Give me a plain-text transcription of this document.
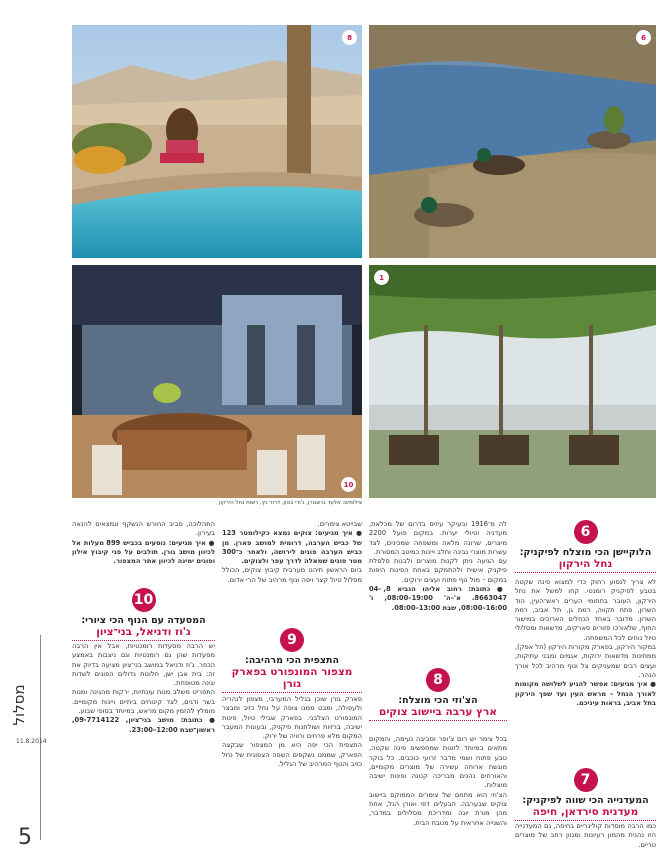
8	6
10
1
צילומים: אלעד גרשגורן, ג'ודי בטון, דרור כץ, רשות נחל הירקון
11.8.2014
מסלול
5
6
הלוקיישן הכי מוצלח לפיקניק:
נחל הירקון

לא צריך לנסוע רחוק כדי למצוא פינה שקטה בטבע לפיקניק רומנטי. קחו למשל את נחל הירקון, העובר בתחומי הערים ראש־העין, הוד השרון, פתח תקווה, רמת גן, תל אביב, רמת השרון. מדובר באחד הנחלים הארוכים במישור החוף, שלאורכו פזורים פארקים, מדשאות ומסלולי טיול נוחים לכל המשפחה.

במקור הירקון, בפארק מקורות הירקון (תל אפק), ממתינות מדשאות ירוקות, אגמים ומבני עתיקות, ועצים רבים שמעניקים צל ונוף מרהיב לכל אורך הנהר.

● איך מגיעים: אפשר להגיע לשלושה מקומות לאורך הנחל – מראש העין ועד שפך הירקון בתל אביב, בראות עיניכם.

7
המעדנייה הכי שווה לפיקניק:
מעדנית סירדאן, חיפה

כמו הרבה מוסדות קולינריים בחיפה, גם המעדנייה הזו נהנית מהמון רעיונות ומגוון רחב של מוצרים טריים.

לה מ־1916 ובעיקר עיזים בדרום של מכלאת, מעדניה וטיולי יערות. במקום פועל 2200 מיצרים, שרונה מלאה ומשפחה שמכינים, לצד עשרות מוצרי גבינה וחלב ויינות כמיטב המסורת.

עם הגיעה ניתן לקנות מוצרים ולבנות סלסלת פיקניק אישית ולהתמקם באחת הפינות היפות במקום – מול נוף פתוח ועצים ירוקים.

● כתובת: רחוב אליהו הנביא 8, 04-8663047. א'–ה' 19:00–08:00, ו' 16:00–08:00, שבת 13:00–08:00.

8
הצ'וזי הכי מוצלח:
ארץ ערבה ביישוב צוקים

בכל צימר יש רום צ'ופר וסביבה נעימה, והמקום מתאים במיוחד לזוגות שמחפשים פינה שקטה, טבע פתוח ושמי מדבר זרועי כוכבים. כל בוקר מוגשת ארוחה עשירה של מוצרים מקומיים, והאורחים נהנים מבריכה קטנה ופינות ישיבה מוצלות.

הצ'וזי הוא מתחם של צימרים הממוקם ביישוב צוקים שבערבה. הבעלים דפי ואורן הגל, אחת מהן מורת יוגה ומדריכת מסלולים במדבר, והשנייה אחראית על מטבח הבית.

שבייטא צימרים.

● איך מגיעים: צוקים נמצא כקילומטר 123 של כביש הערבה, דרומית למושב פארן. מן כביש הערבה פונים לירושה, ולאחר כ־300 מטר פונים שמאלה לדרך עפר ולצוקים.

ביום הראשון תיהנו מערבית קיבוץ צוקים, הכולל מסלול טיול קצר ויפה ונוף מרהיב של הרי אדום.

9
התצפית הכי מרהיבה:
מצפור המונפורט בפארק גורן

פארק גורן שוכן בגליל המערבי, מצפון לנהריה ולעפולה, ומבט ממנו צופה על נחל כזיב ומבצר המונפורט הצלבני. בפארק שבילי טיול, פינות ישיבה, ברזיות ושולחנות פיקניק, ובעונות המעבר המקום מלא פרחים ורוויה של ירוק.

התצפית הכי יפה היא מן המצפור שבקצה הפארק, שממנו נשקפים השפה הצפונית של נחל כזיב והנוף המרהיב של הגליל.

התהלוכה, סביב החורש הנשקף ונמצאים להנאה בעירון.

● איך מגיעים: נוסעים בכביש 899 מעלות אל לכיוון מושב גורן. תולבים על פני קיבוץ אילון ופונים ימינה לכיוון אתר המצפור.

10
המסעדה עם הנוף הכי ציורי:
ג'וז ודניאל, בני־ציון

יש הרבה מסעדות רומנטיות, אבל אין הרבה מסעדות שהן גם רומנטיות וגם ניצבות באמצע הכפר. ג'וז ודניאל במושב בני־ציון מציעה בדיוק את זה: בית אבן ישן, חלונות גדולים הפונים לשדות וגינה מטופחת.

התפריט משלב מנות עונתיות, ירקות מהגינה ומנות בשר ודגים, לצד קינוחים ביתיים ויינות מקומיים. מומלץ להזמין מקום מראש, במיוחד בסופי שבוע.

● כתובת: מושב בני־ציון, 09-7714122, ראשון־שבת 12:00–23:00.
